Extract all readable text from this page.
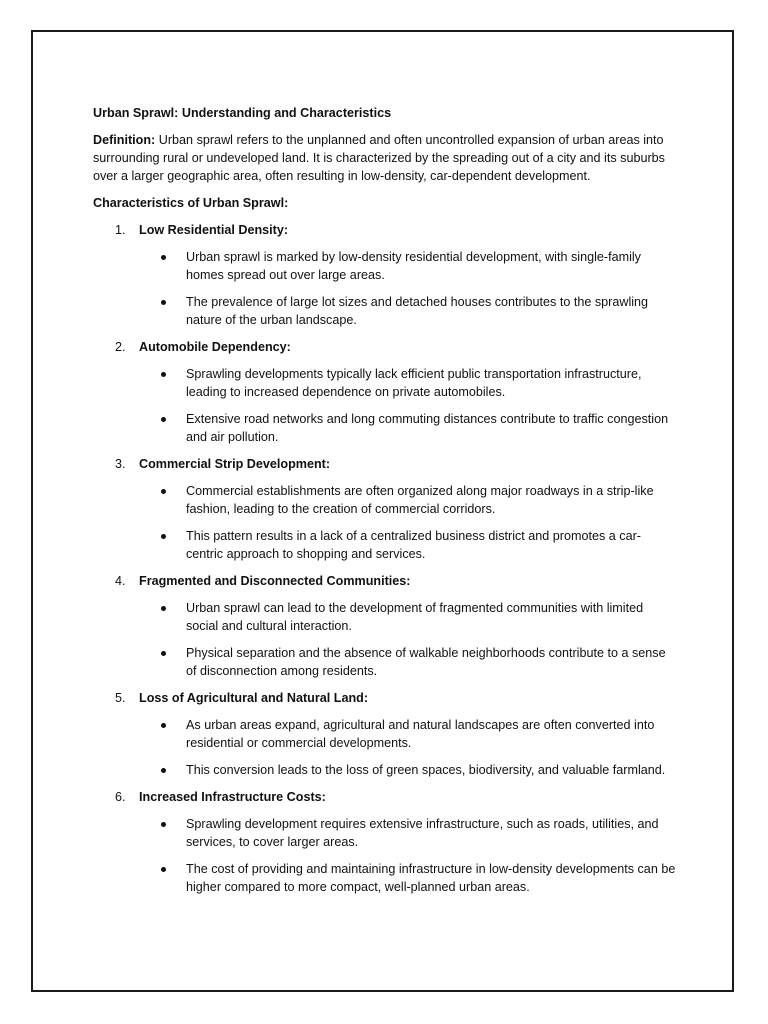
Urban Sprawl: Understanding and Characteristics

Definition: Urban sprawl refers to the unplanned and often uncontrolled expansion of urban areas into surrounding rural or undeveloped land. It is characterized by the spreading out of a city and its suburbs over a larger geographic area, often resulting in low-density, car-dependent development.

Characteristics of Urban Sprawl:

1. Low Residential Density:
Urban sprawl is marked by low-density residential development, with single-family homes spread out over large areas.
The prevalence of large lot sizes and detached houses contributes to the sprawling nature of the urban landscape.
2. Automobile Dependency:
Sprawling developments typically lack efficient public transportation infrastructure, leading to increased dependence on private automobiles.
Extensive road networks and long commuting distances contribute to traffic congestion and air pollution.
3. Commercial Strip Development:
Commercial establishments are often organized along major roadways in a strip-like fashion, leading to the creation of commercial corridors.
This pattern results in a lack of a centralized business district and promotes a car-centric approach to shopping and services.
4. Fragmented and Disconnected Communities:
Urban sprawl can lead to the development of fragmented communities with limited social and cultural interaction.
Physical separation and the absence of walkable neighborhoods contribute to a sense of disconnection among residents.
5. Loss of Agricultural and Natural Land:
As urban areas expand, agricultural and natural landscapes are often converted into residential or commercial developments.
This conversion leads to the loss of green spaces, biodiversity, and valuable farmland.
6. Increased Infrastructure Costs:
Sprawling development requires extensive infrastructure, such as roads, utilities, and services, to cover larger areas.
The cost of providing and maintaining infrastructure in low-density developments can be higher compared to more compact, well-planned urban areas.
